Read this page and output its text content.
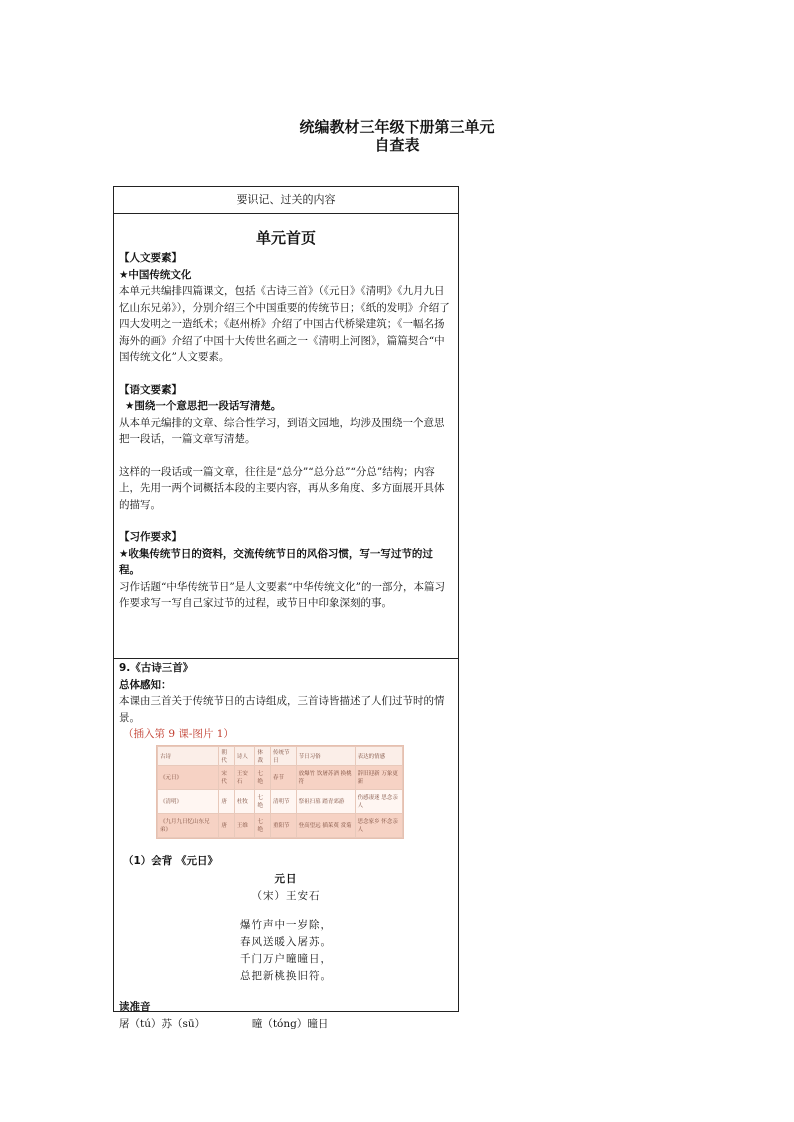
统编教材三年级下册第三单元
自查表
要识记、过关的内容
单元首页
【人文要素】
★中国传统文化
本单元共编排四篇课文，包括《古诗三首》（《元日》《清明》《九月九日忆山东兄弟》），分别介绍三个中国重要的传统节日；《纸的发明》介绍了四大发明之一造纸术；《赵州桥》介绍了中国古代桥梁建筑；《一幅名扬海外的画》介绍了中国十大传世名画之一《清明上河图》，篇篇契合“中国传统文化”人文要素。
【语文要素】
★围绕一个意思把一段话写清楚。
从本单元编排的文章、综合性学习，到语文园地，均涉及围绕一个意思把一段话，一篇文章写清楚。
这样的一段话或一篇文章，往往是“总分”“总分总”“分总”结构；内容上，先用一两个词概括本段的主要内容，再从多角度、多方面展开具体的描写。
【习作要求】
★收集传统节日的资料，交流传统节日的风俗习惯，写一写过节的过程。
习作话题“中华传统节日”是人文要素“中华传统文化”的一部分，本篇习作要求写一写自己家过节的过程，或节日中印象深刻的事。
9.《古诗三首》
总体感知：
本课由三首关于传统节日的古诗组成，三首诗皆描述了人们过节时的情景。
（插入第 9 课-图片 1）
古诗	朝代	诗人	体裁	传统节日	节日习俗	表达的情感
《元日》	宋代	王安石	七绝	春节	放爆竹 饮屠苏酒 换桃符	辞旧迎新 万象更新
《清明》	唐	杜牧	七绝	清明节	祭祖扫墓 踏青郊游	伤感凄迷 思念亲人
《九月九日忆山东兄弟》	唐	王维	七绝	重阳节	登高望远 插茱萸 赏菊	思念家乡 怀念亲人
（1）会背 《元日》
元日
（宋）王安石
爆竹声中一岁除，
春风送暖入屠苏。
千门万户曈曈日，
总把新桃换旧符。
读准音
屠（tú）苏（sū）	曈（tóng）曈日
